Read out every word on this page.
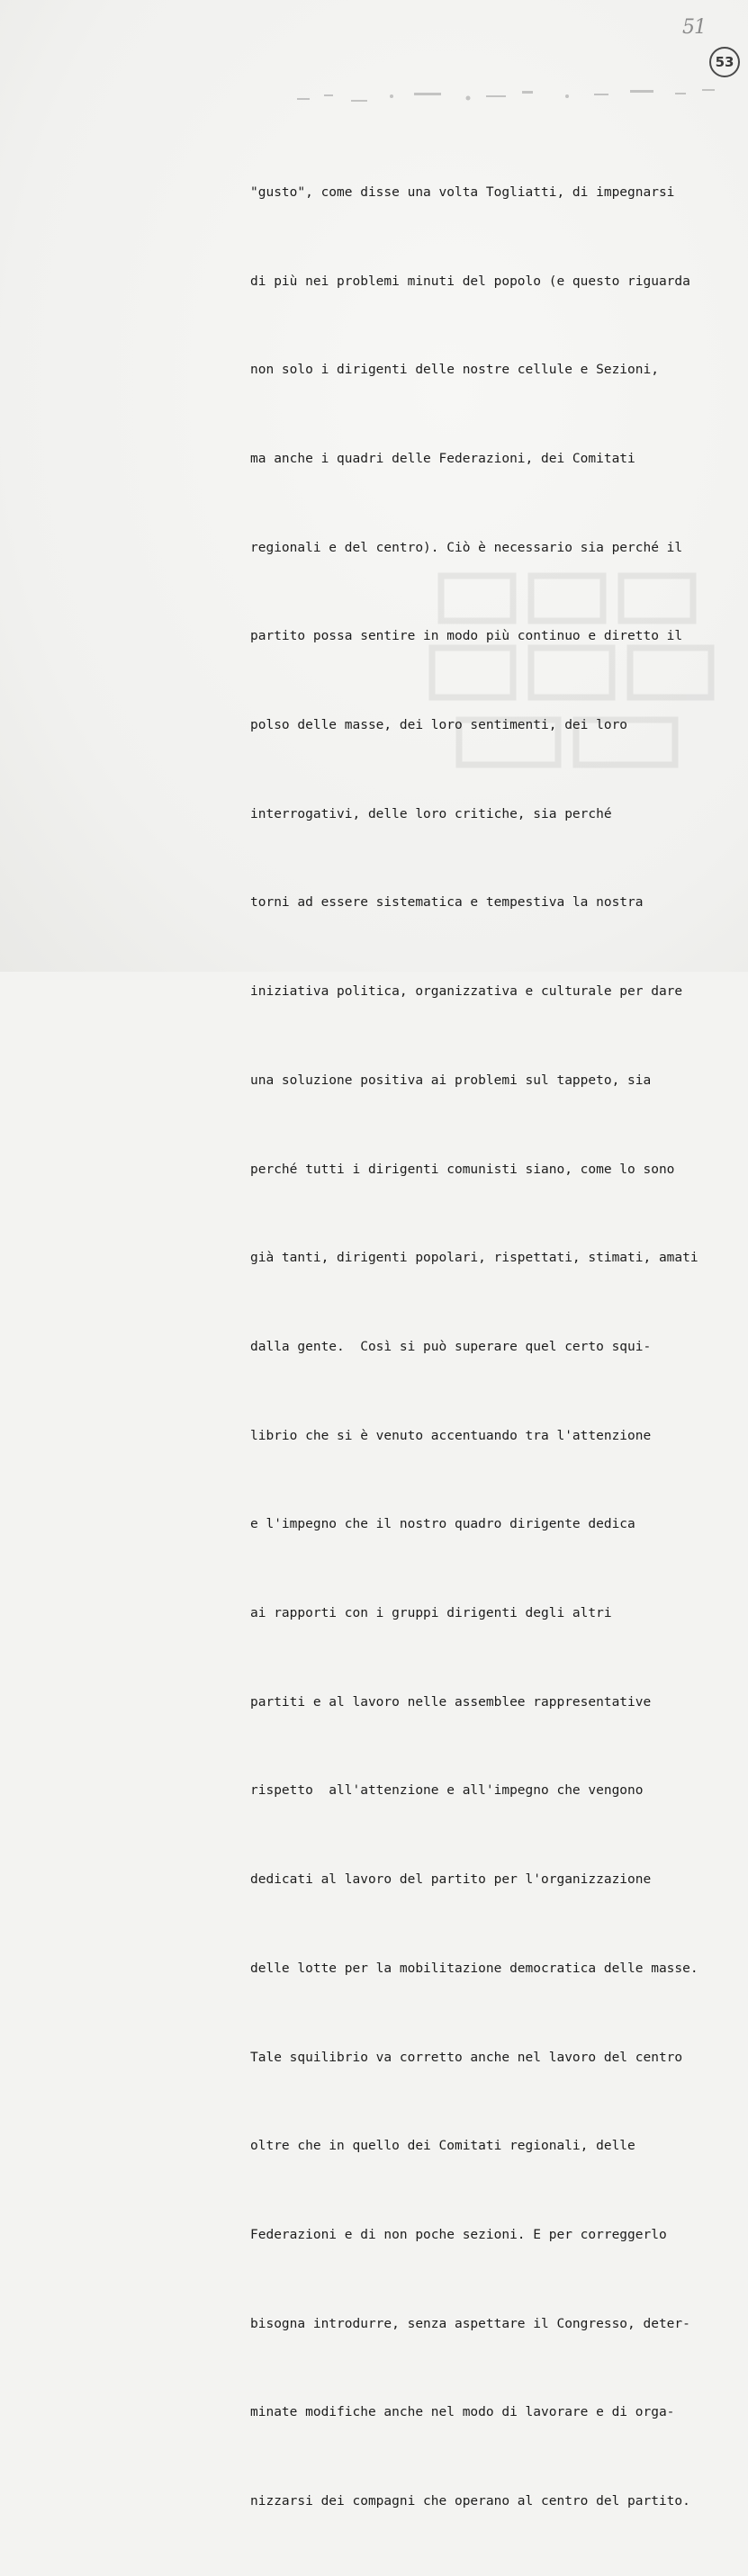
51
53

"gusto", come disse una volta Togliatti, di impegnarsi

di più nei problemi minuti del popolo (e questo riguarda

non solo i dirigenti delle nostre cellule e Sezioni,

ma anche i quadri delle Federazioni, dei Comitati

regionali e del centro). Ciò è necessario sia perché il

partito possa sentire in modo più continuo e diretto il

polso delle masse, dei loro sentimenti, dei loro

interrogativi, delle loro critiche, sia perché

torni ad essere sistematica e tempestiva la nostra

iniziativa politica, organizzativa e culturale per dare

una soluzione positiva ai problemi sul tappeto, sia

perché tutti i dirigenti comunisti siano, come lo sono

già tanti, dirigenti popolari, rispettati, stimati, amati

dalla gente.  Così si può superare quel certo squi-

librio che si è venuto accentuando tra l'attenzione

e l'impegno che il nostro quadro dirigente dedica

ai rapporti con i gruppi dirigenti degli altri

partiti e al lavoro nelle assemblee rappresentative

rispetto  all'attenzione e all'impegno che vengono

dedicati al lavoro del partito per l'organizzazione

delle lotte per la mobilitazione democratica delle masse.

Tale squilibrio va corretto anche nel lavoro del centro

oltre che in quello dei Comitati regionali, delle

Federazioni e di non poche sezioni. E per correggerlo

bisogna introdurre, senza aspettare il Congresso, deter-

minate modifiche anche nel modo di lavorare e di orga-

nizzarsi dei compagni che operano al centro del partito.
